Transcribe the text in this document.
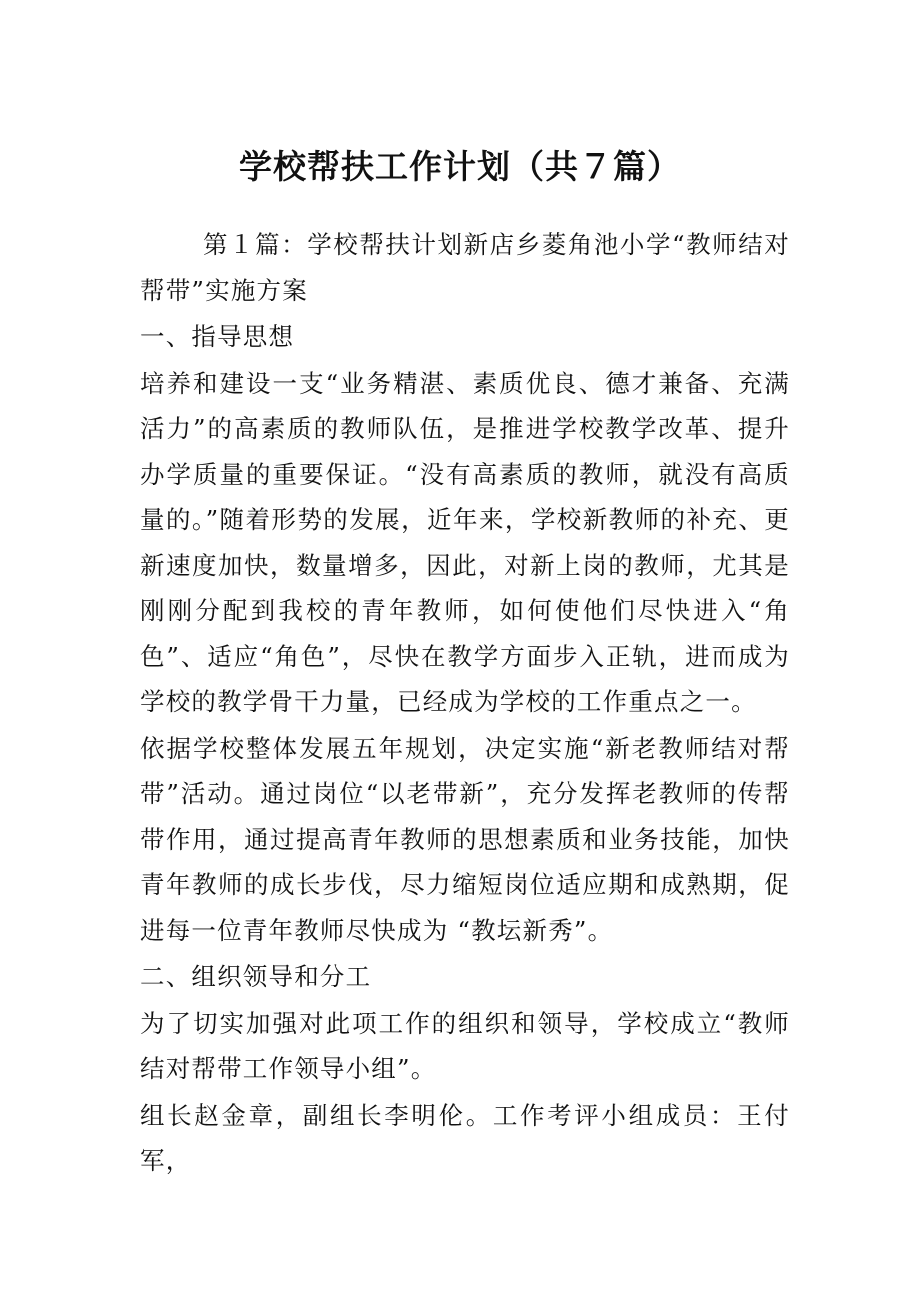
学校帮扶工作计划（共７篇）

第１篇：学校帮扶计划新店乡菱角池小学“教师结对帮带”实施方案

一、指导思想

培养和建设一支“业务精湛、素质优良、德才兼备、充满活力”的高素质的教师队伍，是推进学校教学改革、提升办学质量的重要保证。“没有高素质的教师，就没有高质量的。”随着形势的发展，近年来，学校新教师的补充、更新速度加快，数量增多，因此，对新上岗的教师，尤其是刚刚分配到我校的青年教师，如何使他们尽快进入“角色”、适应“角色”，尽快在教学方面步入正轨，进而成为学校的教学骨干力量，已经成为学校的工作重点之一。

依据学校整体发展五年规划，决定实施“新老教师结对帮带”活动。通过岗位“以老带新”，充分发挥老教师的传帮带作用，通过提高青年教师的思想素质和业务技能，加快青年教师的成长步伐，尽力缩短岗位适应期和成熟期，促进每一位青年教师尽快成为 “教坛新秀”。

二、组织领导和分工

为了切实加强对此项工作的组织和领导，学校成立“教师结对帮带工作领导小组”。

组长赵金章，副组长李明伦。工作考评小组成员：王付军，
